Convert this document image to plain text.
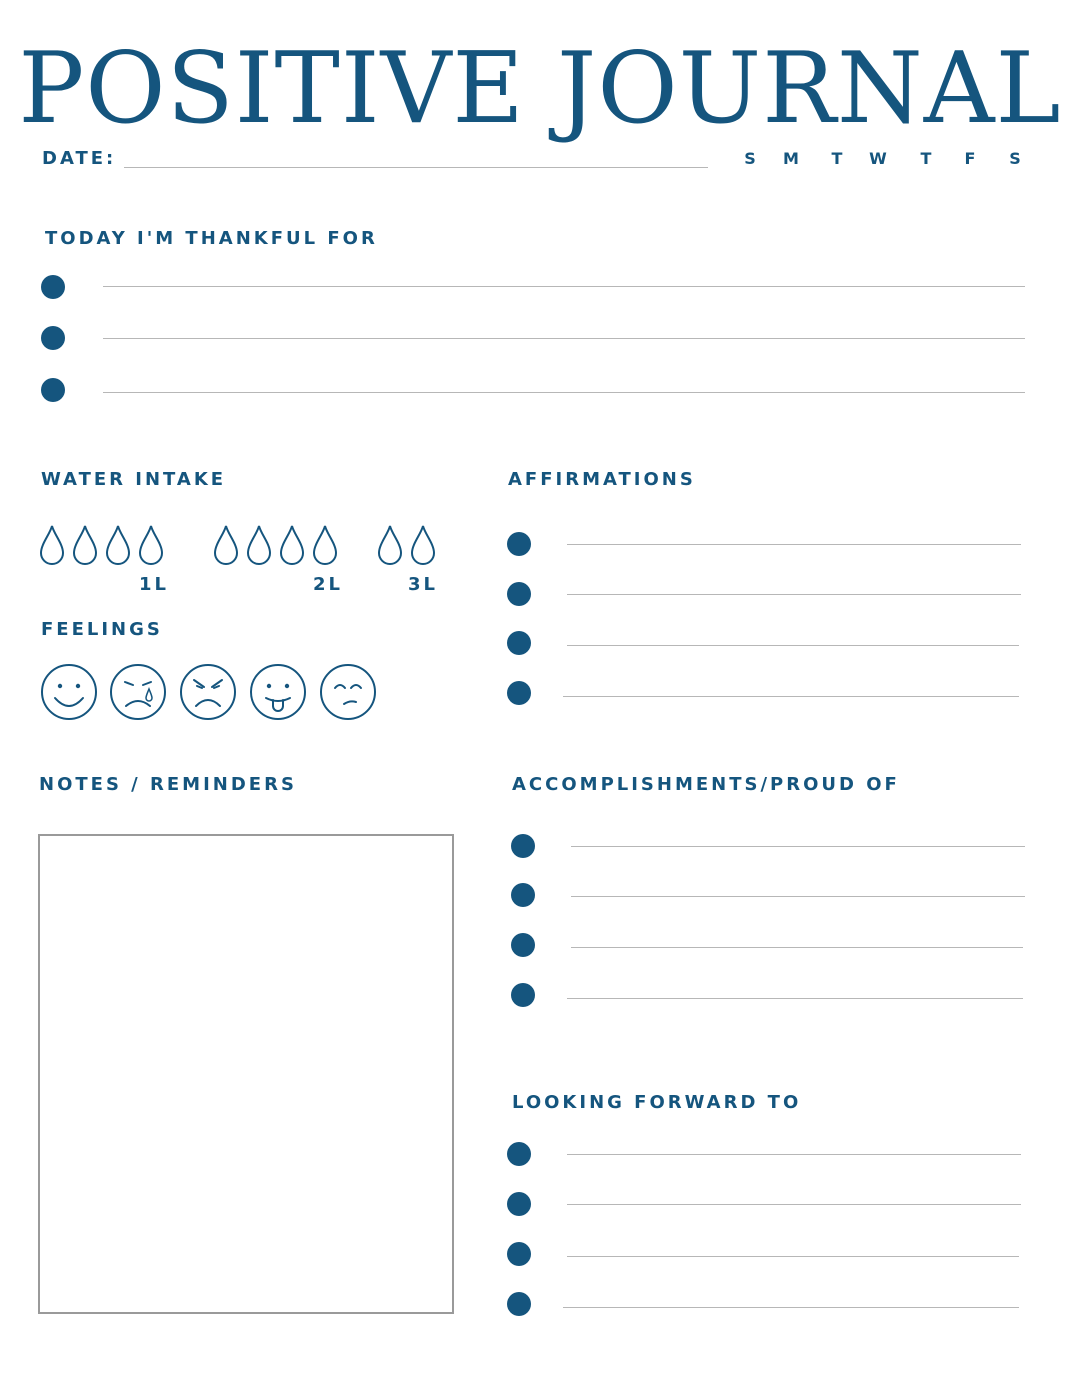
POSITIVE JOURNAL
DATE:	S M T W T F S
TODAY I'M THANKFUL FOR
WATER INTAKE
1L	2L	3L
FEELINGS
AFFIRMATIONS
NOTES / REMINDERS	ACCOMPLISHMENTS/PROUD OF
LOOKING FORWARD TO
